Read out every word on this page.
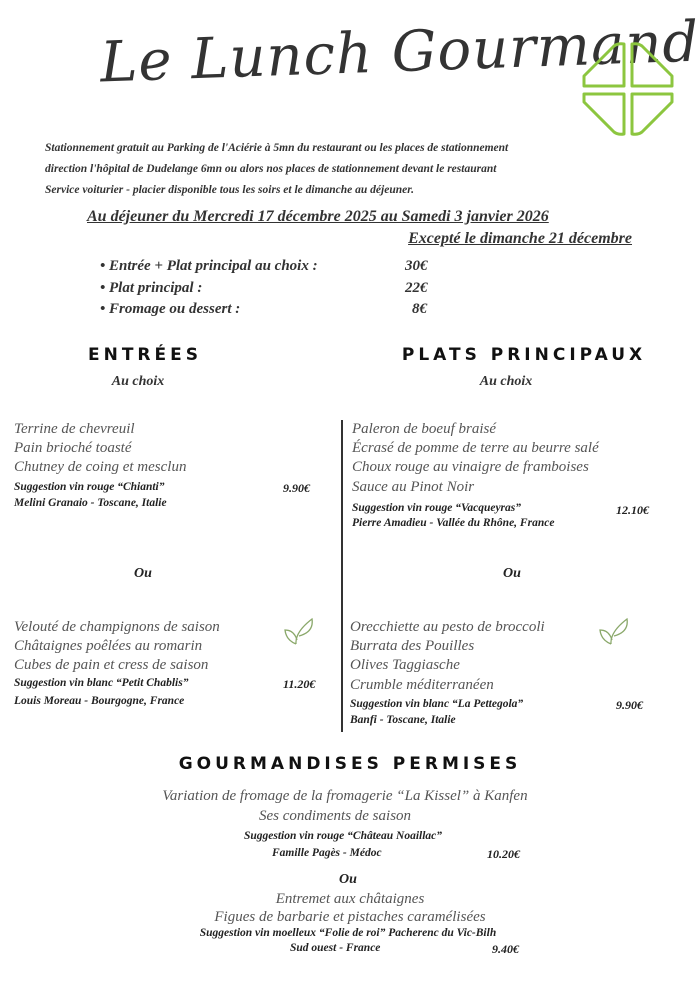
Le Lunch Gourmand
Stationnement gratuit au Parking de l'Aciérie à 5mn du restaurant ou les places de stationnement
direction l'hôpital de Dudelange 6mn ou alors nos places de stationnement devant le restaurant
Service voiturier - placier disponible tous les soirs et le dimanche au déjeuner.
Au déjeuner du Mercredi 17 décembre 2025 au Samedi 3 janvier 2026
Excepté le dimanche 21 décembre
• Entrée + Plat principal au choix :	30€
• Plat principal :	22€
• Fromage ou dessert :	8€
ENTRÉES
Au choix
Terrine de chevreuil
Pain brioché toasté
Chutney de coing et mesclun
Suggestion vin rouge “Chianti”
Melini Granaio - Toscane, Italie
9.90€
Ou
Velouté de champignons de saison
Châtaignes poêlées au romarin
Cubes de pain et cress de saison
Suggestion vin blanc “Petit Chablis”
Louis Moreau - Bourgogne, France
11.20€
PLATS PRINCIPAUX
Au choix
Paleron de boeuf braisé
Écrasé de pomme de terre au beurre salé
Choux rouge au vinaigre de framboises
Sauce au Pinot Noir
Suggestion vin rouge “Vacqueyras”
Pierre Amadieu - Vallée du Rhône, France
12.10€
Ou
Orecchiette au pesto de broccoli
Burrata des Pouilles
Olives Taggiasche
Crumble méditerranéen
Suggestion vin blanc “La Pettegola”
Banfi - Toscane, Italie
9.90€
GOURMANDISES PERMISES
Variation de fromage de la fromagerie “La Kissel” à Kanfen
Ses condiments de saison
Suggestion vin rouge “Château Noaillac”
Famille Pagès - Médoc	10.20€
Ou
Entremet aux châtaignes
Figues de barbarie et pistaches caramélisées
Suggestion vin moelleux “Folie de roi” Pacherenc du Vic-Bilh
Sud ouest - France	9.40€
